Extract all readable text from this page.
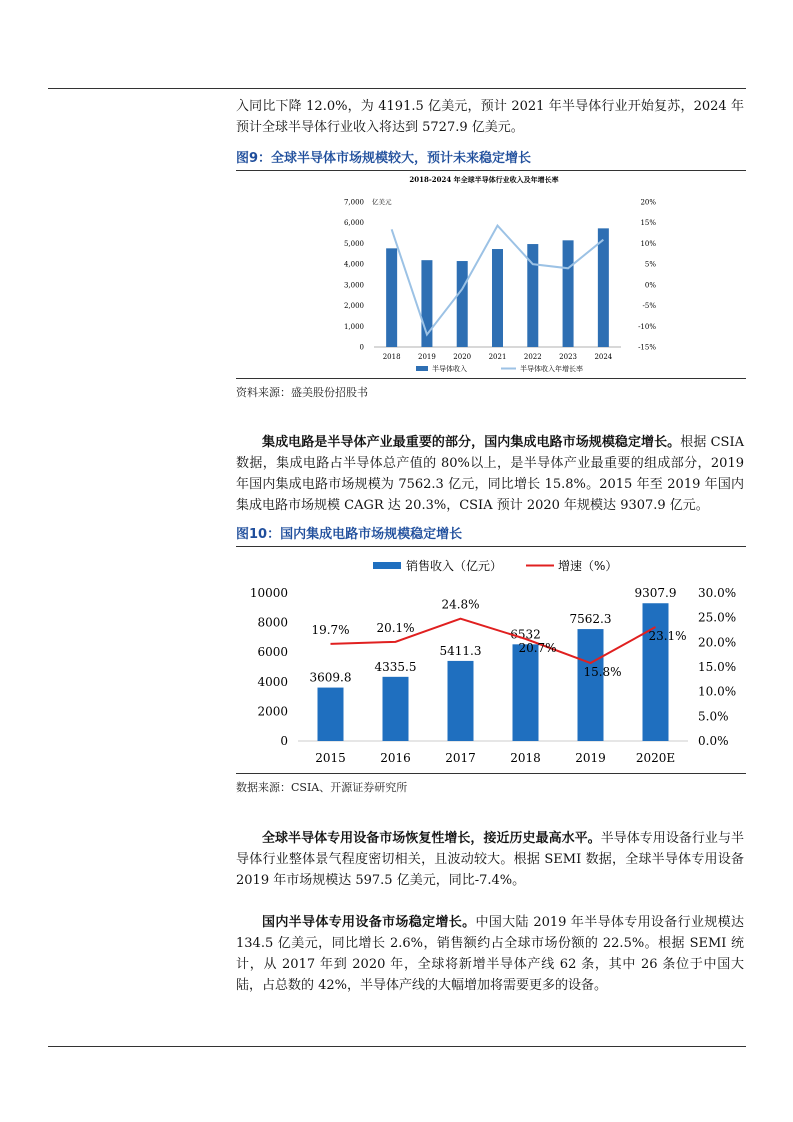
入同比下降 12.0%，为 4191.5 亿美元，预计 2021 年半导体行业开始复苏，2024 年预计全球半导体行业收入将达到 5727.9 亿美元。

图9：全球半导体市场规模较大，预计未来稳定增长
2018-2024 年全球半导体行业收入及年增长率
亿美元
0
1,000
2,000
3,000
4,000
5,000
6,000
7,000
-15%
-10%
-5%
0%
5%
10%
15%
20%
2018 2019 2020 2021 2022 2023 2024
半导体收入	半导体收入年增长率
资料来源：盛美股份招股书

集成电路是半导体产业最重要的部分，国内集成电路市场规模稳定增长。根据 CSIA 数据，集成电路占半导体总产值的 80%以上，是半导体产业最重要的组成部分，2019 年国内集成电路市场规模为 7562.3 亿元，同比增长 15.8%。2015 年至 2019 年国内集成电路市场规模 CAGR 达 20.3%，CSIA 预计 2020 年规模达 9307.9 亿元。

图10：国内集成电路市场规模稳定增长
0
2000
4000
6000
8000
10000
0.0%
5.0%
10.0%
15.0%
20.0%
25.0%
30.0%
3609.8
2015
4335.5
2016
5411.3
2017
6532
2018
7562.3
2019
9307.9
2020E
19.7% 20.1%
24.8%
20.7%
15.8%
23.1%
销售收入（亿元）	增速（%）
数据来源：CSIA、开源证券研究所

全球半导体专用设备市场恢复性增长，接近历史最高水平。半导体专用设备行业与半导体行业整体景气程度密切相关，且波动较大。根据 SEMI 数据，全球半导体专用设备 2019 年市场规模达 597.5 亿美元，同比-7.4%。

国内半导体专用设备市场稳定增长。中国大陆 2019 年半导体专用设备行业规模达 134.5 亿美元，同比增长 2.6%，销售额约占全球市场份额的 22.5%。根据 SEMI 统计，从 2017 年到 2020 年，全球将新增半导体产线 62 条，其中 26 条位于中国大陆，占总数的 42%，半导体产线的大幅增加将需要更多的设备。
